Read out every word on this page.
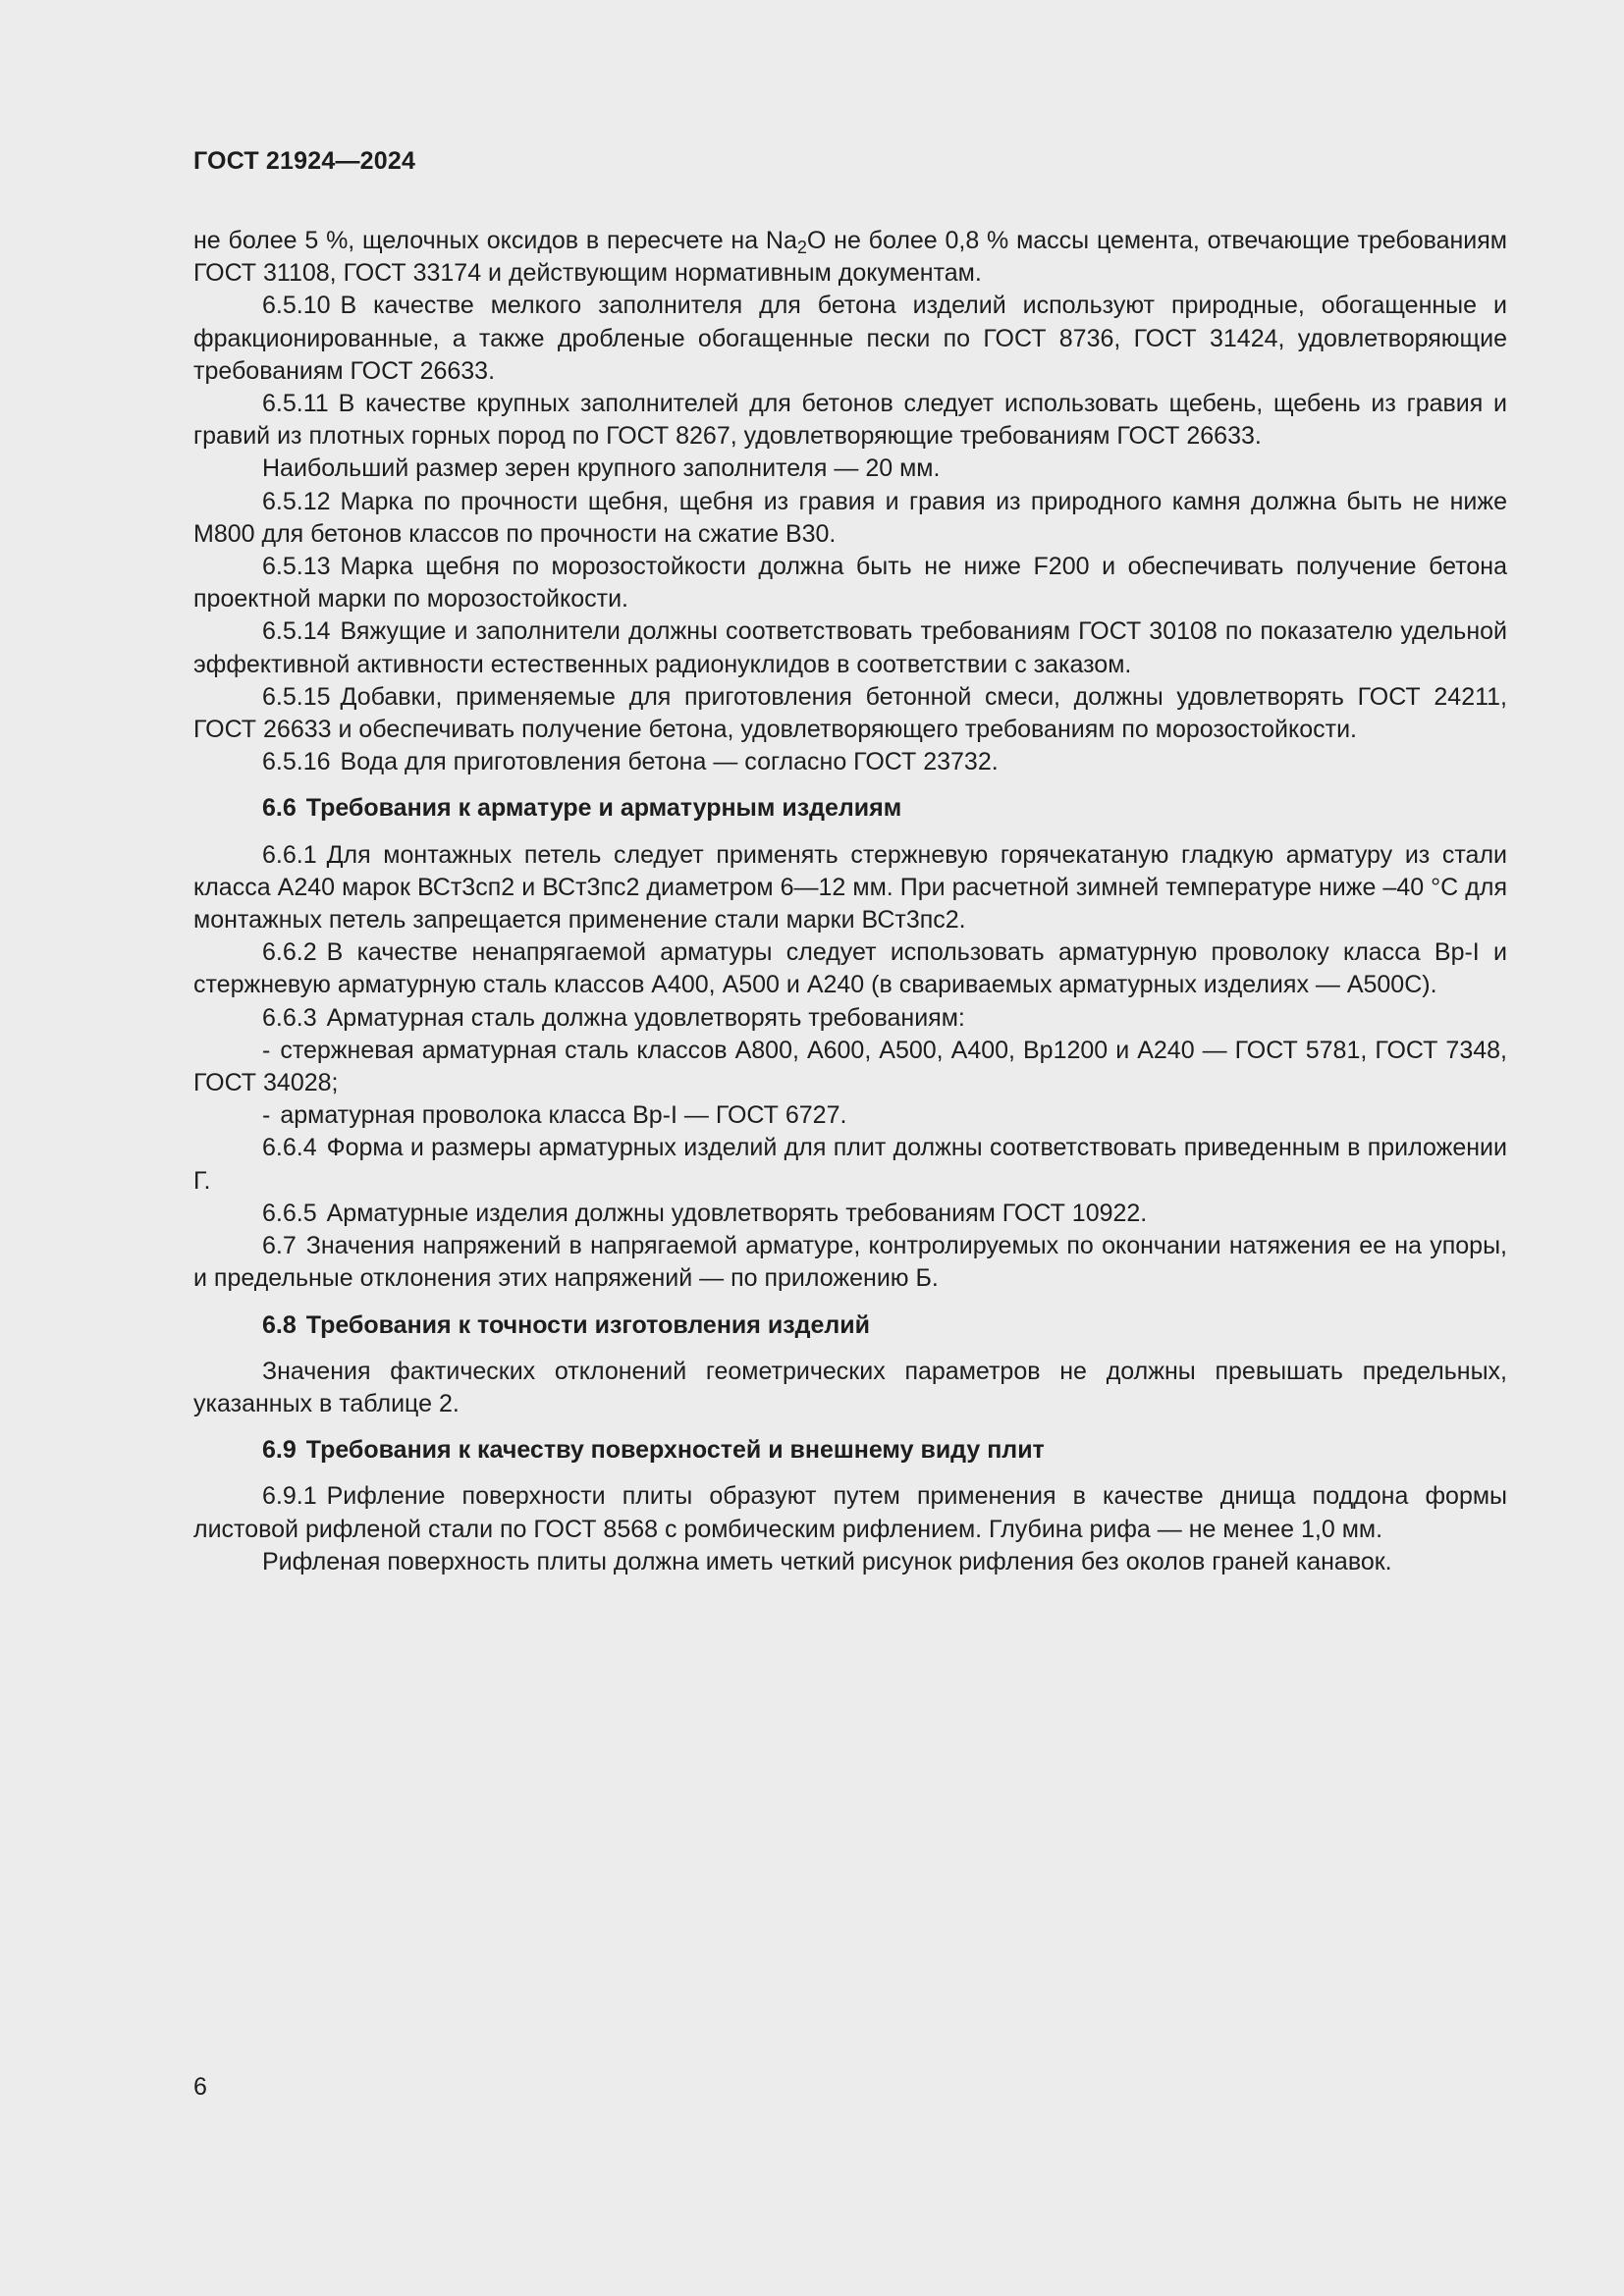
ГОСТ 21924—2024

не более 5 %, щелочных оксидов в пересчете на $Na_2O$ не более 0,8 % массы цемента, отвечающие требованиям ГОСТ 31108, ГОСТ 33174 и действующим нормативным документам.

6.5.10 В качестве мелкого заполнителя для бетона изделий используют природные, обогащенные и фракционированные, а также дробленые обогащенные пески по ГОСТ 8736, ГОСТ 31424, удовлетворяющие требованиям ГОСТ 26633.

6.5.11 В качестве крупных заполнителей для бетонов следует использовать щебень, щебень из гравия и гравий из плотных горных пород по ГОСТ 8267, удовлетворяющие требованиям ГОСТ 26633.

Наибольший размер зерен крупного заполнителя — 20 мм.

6.5.12 Марка по прочности щебня, щебня из гравия и гравия из природного камня должна быть не ниже М800 для бетонов классов по прочности на сжатие В30.

6.5.13 Марка щебня по морозостойкости должна быть не ниже F200 и обеспечивать получение бетона проектной марки по морозостойкости.

6.5.14 Вяжущие и заполнители должны соответствовать требованиям ГОСТ 30108 по показателю удельной эффективной активности естественных радионуклидов в соответствии с заказом.

6.5.15 Добавки, применяемые для приготовления бетонной смеси, должны удовлетворять ГОСТ 24211, ГОСТ 26633 и обеспечивать получение бетона, удовлетворяющего требованиям по морозостойкости.

6.5.16 Вода для приготовления бетона — согласно ГОСТ 23732.

6.6 Требования к арматуре и арматурным изделиям

6.6.1 Для монтажных петель следует применять стержневую горячекатаную гладкую арматуру из стали класса А240 марок ВСт3сп2 и ВСт3пс2 диаметром 6—12 мм. При расчетной зимней температуре ниже –40 °С для монтажных петель запрещается применение стали марки ВСт3пс2.

6.6.2 В качестве ненапрягаемой арматуры следует использовать арматурную проволоку класса Вр-I и стержневую арматурную сталь классов А400, А500 и А240 (в свариваемых арматурных изделиях — А500С).

6.6.3 Арматурная сталь должна удовлетворять требованиям:

- стержневая арматурная сталь классов А800, А600, А500, А400, Вр1200 и А240 — ГОСТ 5781, ГОСТ 7348, ГОСТ 34028;

- арматурная проволока класса Вр-I — ГОСТ 6727.

6.6.4 Форма и размеры арматурных изделий для плит должны соответствовать приведенным в приложении Г.

6.6.5 Арматурные изделия должны удовлетворять требованиям ГОСТ 10922.

6.7 Значения напряжений в напрягаемой арматуре, контролируемых по окончании натяжения ее на упоры, и предельные отклонения этих напряжений — по приложению Б.

6.8 Требования к точности изготовления изделий

Значения фактических отклонений геометрических параметров не должны превышать предельных, указанных в таблице 2.

6.9 Требования к качеству поверхностей и внешнему виду плит

6.9.1 Рифление поверхности плиты образуют путем применения в качестве днища поддона формы листовой рифленой стали по ГОСТ 8568 с ромбическим рифлением. Глубина рифа — не менее 1,0 мм.

Рифленая поверхность плиты должна иметь четкий рисунок рифления без околов граней канавок.

6
